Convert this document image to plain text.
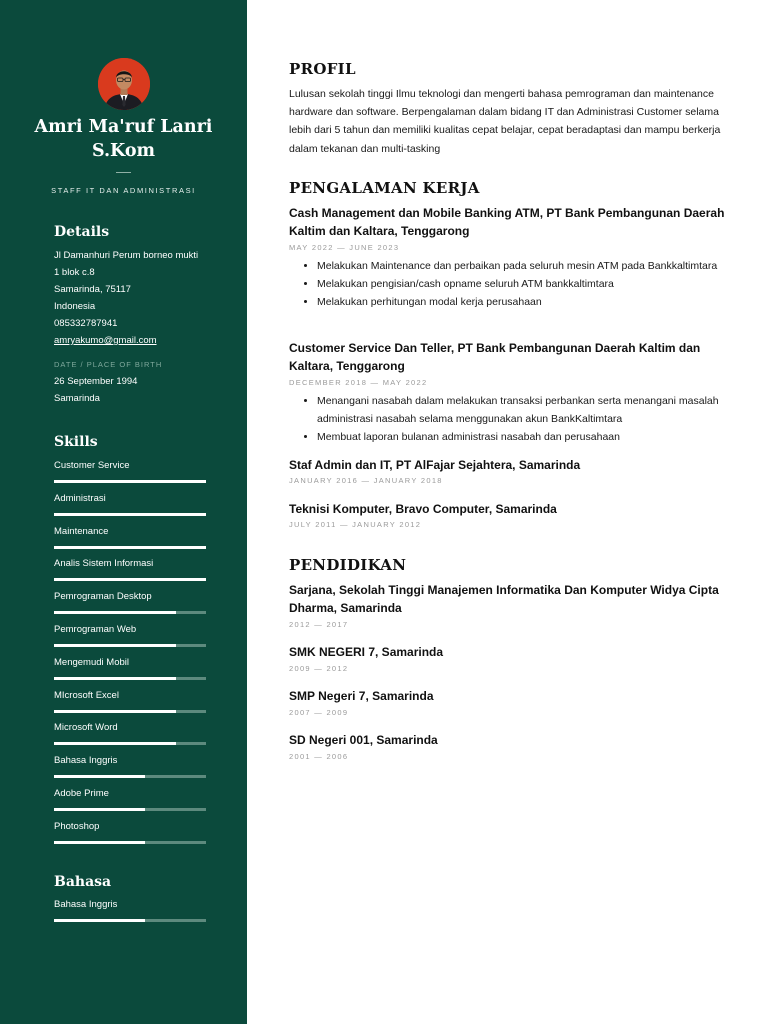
Amri Ma'ruf Lanri S.Kom
STAFF IT DAN ADMINISTRASI
Details
Jl Damanhuri Perum borneo mukti
1 blok c.8
Samarinda, 75117
Indonesia
085332787941
amryakumo@gmail.com
DATE / PLACE OF BIRTH
26 September 1994
Samarinda
Skills
Customer Service
Administrasi
Maintenance
Analis Sistem Informasi
Pemrograman Desktop
Pemrograman Web
Mengemudi Mobil
MIcrosoft Excel
Microsoft Word
Bahasa Inggris
Adobe Prime
Photoshop
Bahasa
Bahasa Inggris
PROFIL
Lulusan sekolah tinggi Ilmu teknologi dan mengerti bahasa pemrograman dan maintenance hardware dan software. Berpengalaman dalam bidang IT dan Administrasi Customer selama lebih dari 5 tahun dan memiliki kualitas cepat belajar, cepat beradaptasi dan mampu berkerja dalam tekanan dan multi-tasking
PENGALAMAN KERJA
Cash Management dan Mobile Banking ATM, PT Bank Pembangunan Daerah Kaltim dan Kaltara, Tenggarong
MAY 2022 — JUNE 2023
• Melakukan Maintenance dan perbaikan pada seluruh mesin ATM pada Bankkaltimtara
• Melakukan pengisian/cash opname seluruh ATM bankkaltimtara
• Melakukan perhitungan modal kerja perusahaan
Customer Service Dan Teller, PT Bank Pembangunan Daerah Kaltim dan Kaltara, Tenggarong
DECEMBER 2018 — MAY 2022
• Menangani nasabah dalam melakukan transaksi perbankan serta menangani masalah administrasi nasabah selama menggunakan akun BankKaltimtara
• Membuat laporan bulanan administrasi nasabah dan perusahaan
Staf Admin dan IT, PT AlFajar Sejahtera, Samarinda
JANUARY 2016 — JANUARY 2018
Teknisi Komputer, Bravo Computer, Samarinda
JULY 2011 — JANUARY 2012
PENDIDIKAN
Sarjana, Sekolah Tinggi Manajemen Informatika Dan Komputer Widya Cipta Dharma, Samarinda
2012 — 2017
SMK NEGERI 7, Samarinda
2009 — 2012
SMP Negeri 7, Samarinda
2007 — 2009
SD Negeri 001, Samarinda
2001 — 2006
